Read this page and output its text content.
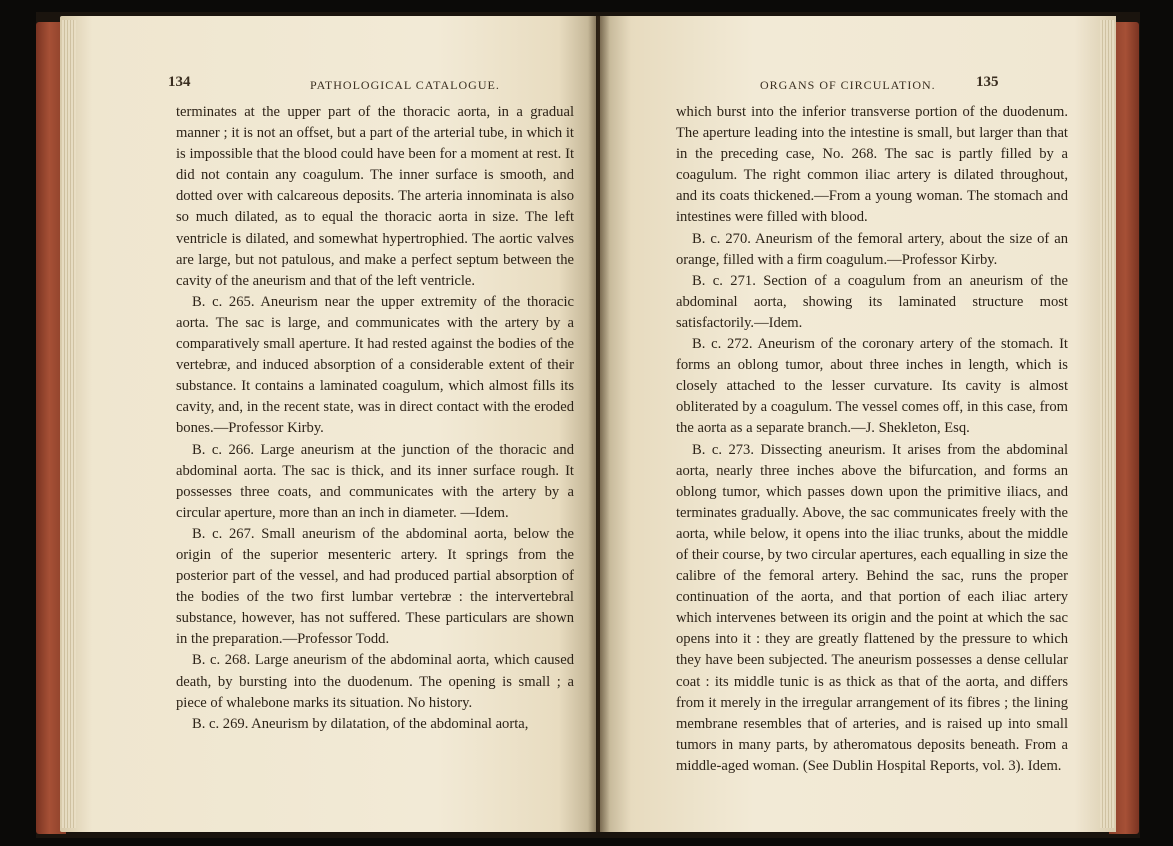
134	PATHOLOGICAL CATALOGUE.

terminates at the upper part of the thoracic aorta, in a gradual manner ; it is not an offset, but a part of the arterial tube, in which it is impossible that the blood could have been for a moment at rest. It did not contain any coagulum. The inner surface is smooth, and dotted over with calcareous deposits. The arteria innominata is also so much dilated, as to equal the thoracic aorta in size. The left ventricle is dilated, and somewhat hypertrophied. The aortic valves are large, but not patulous, and make a perfect septum between the cavity of the aneurism and that of the left ventricle.

B. c. 265. Aneurism near the upper extremity of the thoracic aorta. The sac is large, and communicates with the artery by a comparatively small aperture. It had rested against the bodies of the vertebræ, and induced absorption of a considerable extent of their substance. It contains a laminated coagulum, which almost fills its cavity, and, in the recent state, was in direct contact with the eroded bones.—Professor Kirby.

B. c. 266. Large aneurism at the junction of the thoracic and abdominal aorta. The sac is thick, and its inner surface rough. It possesses three coats, and communicates with the artery by a circular aperture, more than an inch in diameter. —Idem.

B. c. 267. Small aneurism of the abdominal aorta, below the origin of the superior mesenteric artery. It springs from the posterior part of the vessel, and had produced partial absorption of the bodies of the two first lumbar vertebræ : the intervertebral substance, however, has not suffered. These particulars are shown in the preparation.—Professor Todd.

B. c. 268. Large aneurism of the abdominal aorta, which caused death, by bursting into the duodenum. The opening is small ; a piece of whalebone marks its situation. No history.

B. c. 269. Aneurism by dilatation, of the abdominal aorta,

ORGANS OF CIRCULATION.	135

which burst into the inferior transverse portion of the duodenum. The aperture leading into the intestine is small, but larger than that in the preceding case, No. 268. The sac is partly filled by a coagulum. The right common iliac artery is dilated throughout, and its coats thickened.—From a young woman. The stomach and intestines were filled with blood.

B. c. 270. Aneurism of the femoral artery, about the size of an orange, filled with a firm coagulum.—Professor Kirby.

B. c. 271. Section of a coagulum from an aneurism of the abdominal aorta, showing its laminated structure most satisfactorily.—Idem.

B. c. 272. Aneurism of the coronary artery of the stomach. It forms an oblong tumor, about three inches in length, which is closely attached to the lesser curvature. Its cavity is almost obliterated by a coagulum. The vessel comes off, in this case, from the aorta as a separate branch.—J. Shekleton, Esq.

B. c. 273. Dissecting aneurism. It arises from the abdominal aorta, nearly three inches above the bifurcation, and forms an oblong tumor, which passes down upon the primitive iliacs, and terminates gradually. Above, the sac communicates freely with the aorta, while below, it opens into the iliac trunks, about the middle of their course, by two circular apertures, each equalling in size the calibre of the femoral artery. Behind the sac, runs the proper continuation of the aorta, and that portion of each iliac artery which intervenes between its origin and the point at which the sac opens into it : they are greatly flattened by the pressure to which they have been subjected. The aneurism possesses a dense cellular coat : its middle tunic is as thick as that of the aorta, and differs from it merely in the irregular arrangement of its fibres ; the lining membrane resembles that of arteries, and is raised up into small tumors in many parts, by atheromatous deposits beneath. From a middle-aged woman. (See Dublin Hospital Reports, vol. 3). Idem.
